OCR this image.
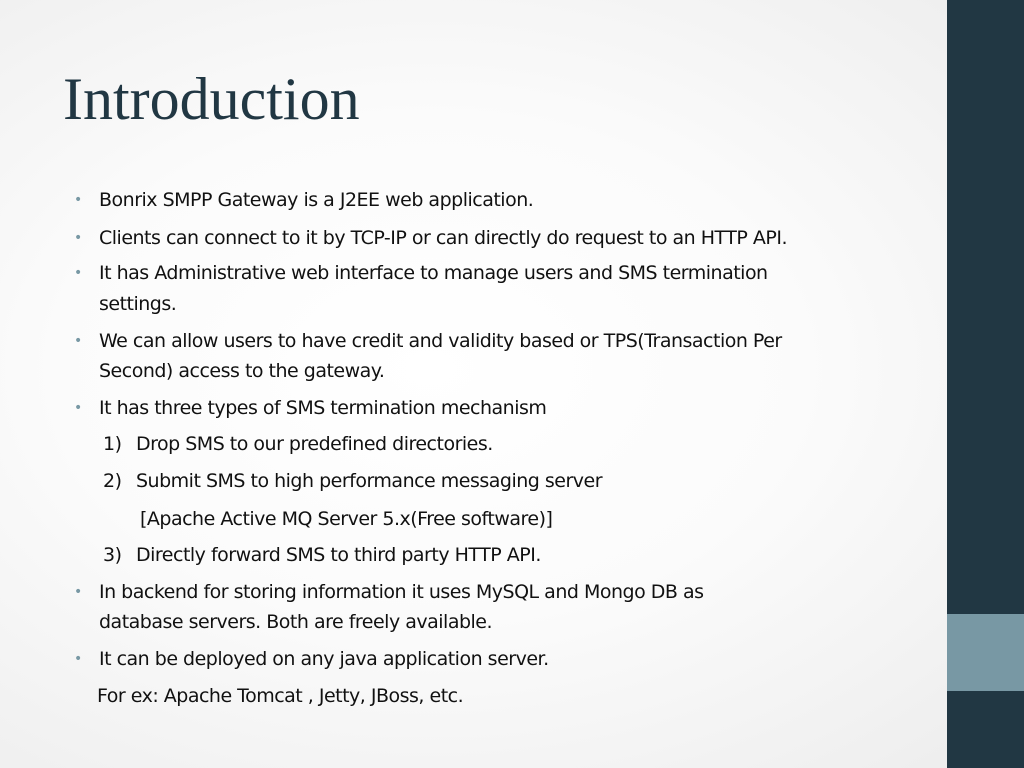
Introduction
• Bonrix SMPP Gateway is a J2EE web application.

• Clients can connect to it by TCP-IP or can directly do request to an HTTP API.

• It has Administrative web interface to manage users and SMS termination

settings.

• We can allow users to have credit and validity based or TPS(Transaction Per

Second) access to the gateway.

• It has three types of SMS termination mechanism

1) Drop SMS to our predefined directories.

2) Submit SMS to high performance messaging server

[Apache Active MQ Server 5.x(Free software)]

3) Directly forward SMS to third party HTTP API.

• In backend for storing information it uses MySQL and Mongo DB as

database servers. Both are freely available.

• It can be deployed on any java application server.

For ex: Apache Tomcat , Jetty, JBoss, etc.
